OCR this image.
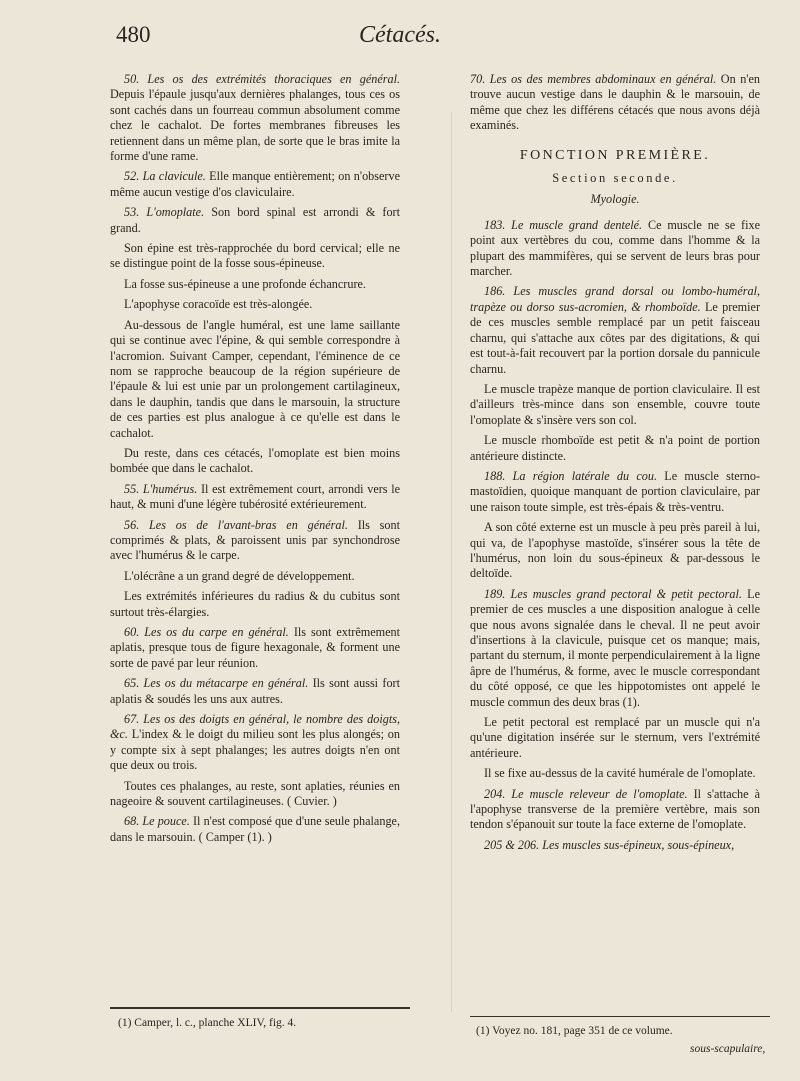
480	Cétacés.

50. Les os des extrémités thoraciques en général. Depuis l'épaule jusqu'aux dernières phalanges, tous ces os sont cachés dans un fourreau commun absolument comme chez le cachalot. De fortes membranes fibreuses les retiennent dans un même plan, de sorte que le bras imite la forme d'une rame.

52. La clavicule. Elle manque entièrement; on n'observe même aucun vestige d'os claviculaire.

53. L'omoplate. Son bord spinal est arrondi & fort grand.

Son épine est très-rapprochée du bord cervical; elle ne se distingue point de la fosse sous-épineuse.

La fosse sus-épineuse a une profonde échancrure.

L'apophyse coracoïde est très-alongée.

Au-dessous de l'angle huméral, est une lame saillante qui se continue avec l'épine, & qui semble correspondre à l'acromion. Suivant Camper, cependant, l'éminence de ce nom se rapproche beaucoup de la région supérieure de l'épaule & lui est unie par un prolongement cartilagineux, dans le dauphin, tandis que dans le marsouin, la structure de ces parties est plus analogue à ce qu'elle est dans le cachalot.

Du reste, dans ces cétacés, l'omoplate est bien moins bombée que dans le cachalot.

55. L'humérus. Il est extrêmement court, arrondi vers le haut, & muni d'une légère tubérosité extérieurement.

56. Les os de l'avant-bras en général. Ils sont comprimés & plats, & paroissent unis par synchondrose avec l'humérus & le carpe.

L'olécrâne a un grand degré de développement.

Les extrémités inférieures du radius & du cubitus sont surtout très-élargies.

60. Les os du carpe en général. Ils sont extrêmement aplatis, presque tous de figure hexagonale, & forment une sorte de pavé par leur réunion.

65. Les os du métacarpe en général. Ils sont aussi fort aplatis & soudés les uns aux autres.

67. Les os des doigts en général, le nombre des doigts, &c. L'index & le doigt du milieu sont les plus alongés; on y compte six à sept phalanges; les autres doigts n'en ont que deux ou trois.

Toutes ces phalanges, au reste, sont aplaties, réunies en nageoire & souvent cartilagineuses. ( Cuvier. )

68. Le pouce. Il n'est composé que d'une seule phalange, dans le marsouin. ( Camper (1). )

70. Les os des membres abdominaux en général. On n'en trouve aucun vestige dans le dauphin & le marsouin, de même que chez les différens cétacés que nous avons déjà examinés.

FONCTION PREMIÈRE.

Section seconde.

Myologie.

183. Le muscle grand dentelé. Ce muscle ne se fixe point aux vertèbres du cou, comme dans l'homme & la plupart des mammifères, qui se servent de leurs bras pour marcher.

186. Les muscles grand dorsal ou lombo-huméral, trapèze ou dorso sus-acromien, & rhomboïde. Le premier de ces muscles semble remplacé par un petit faisceau charnu, qui s'attache aux côtes par des digitations, & qui est tout-à-fait recouvert par la portion dorsale du pannicule charnu.

Le muscle trapèze manque de portion claviculaire. Il est d'ailleurs très-mince dans son ensemble, couvre toute l'omoplate & s'insère vers son col.

Le muscle rhomboïde est petit & n'a point de portion antérieure distincte.

188. La région latérale du cou. Le muscle sterno-mastoïdien, quoique manquant de portion claviculaire, par une raison toute simple, est très-épais & très-ventru.

A son côté externe est un muscle à peu près pareil à lui, qui va, de l'apophyse mastoïde, s'insérer sous la tête de l'humérus, non loin du sous-épineux & par-dessous le deltoïde.

189. Les muscles grand pectoral & petit pectoral. Le premier de ces muscles a une disposition analogue à celle que nous avons signalée dans le cheval. Il ne peut avoir d'insertions à la clavicule, puisque cet os manque; mais, partant du sternum, il monte perpendiculairement à la ligne âpre de l'humérus, & forme, avec le muscle correspondant du côté opposé, ce que les hippotomistes ont appelé le muscle commun des deux bras (1).

Le petit pectoral est remplacé par un muscle qui n'a qu'une digitation insérée sur le sternum, vers l'extrémité antérieure.

Il se fixe au-dessus de la cavité humérale de l'omoplate.

204. Le muscle releveur de l'omoplate. Il s'attache à l'apophyse transverse de la première vertèbre, mais son tendon s'épanouit sur toute la face externe de l'omoplate.

205 & 206. Les muscles sus-épineux, sous-épineux,

(1) Camper, l. c., planche XLIV, fig. 4.
(1) Voyez no. 181, page 351 de ce volume.
sous-scapulaire,
